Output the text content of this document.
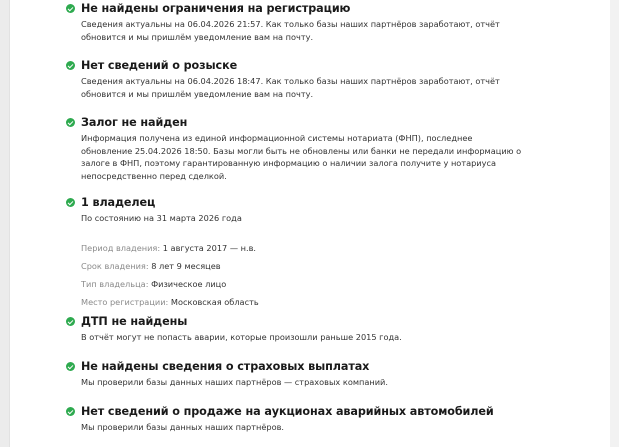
Не найдены ограничения на регистрацию
Сведения актуальны на 06.04.2026 21:57. Как только базы наших партнёров заработают, отчёт
обновится и мы пришлём уведомление вам на почту.
Нет сведений о розыске
Сведения актуальны на 06.04.2026 18:47. Как только базы наших партнёров заработают, отчёт
обновится и мы пришлём уведомление вам на почту.
Залог не найден
Информация получена из единой информационной системы нотариата (ФНП), последнее
обновление 25.04.2026 18:50. Базы могли быть не обновлены или банки не передали информацию о
залоге в ФНП, поэтому гарантированную информацию о наличии залога получите у нотариуса
непосредственно перед сделкой.
1 владелец
По состоянию на 31 марта 2026 года
Период владения: 1 августа 2017 — н.в.
Срок владения: 8 лет 9 месяцев
Тип владельца: Физическое лицо
Место регистрации: Московская область
ДТП не найдены
В отчёт могут не попасть аварии, которые произошли раньше 2015 года.
Не найдены сведения о страховых выплатах
Мы проверили базы данных наших партнёров — страховых компаний.
Нет сведений о продаже на аукционах аварийных автомобилей
Мы проверили базы данных наших партнёров.
